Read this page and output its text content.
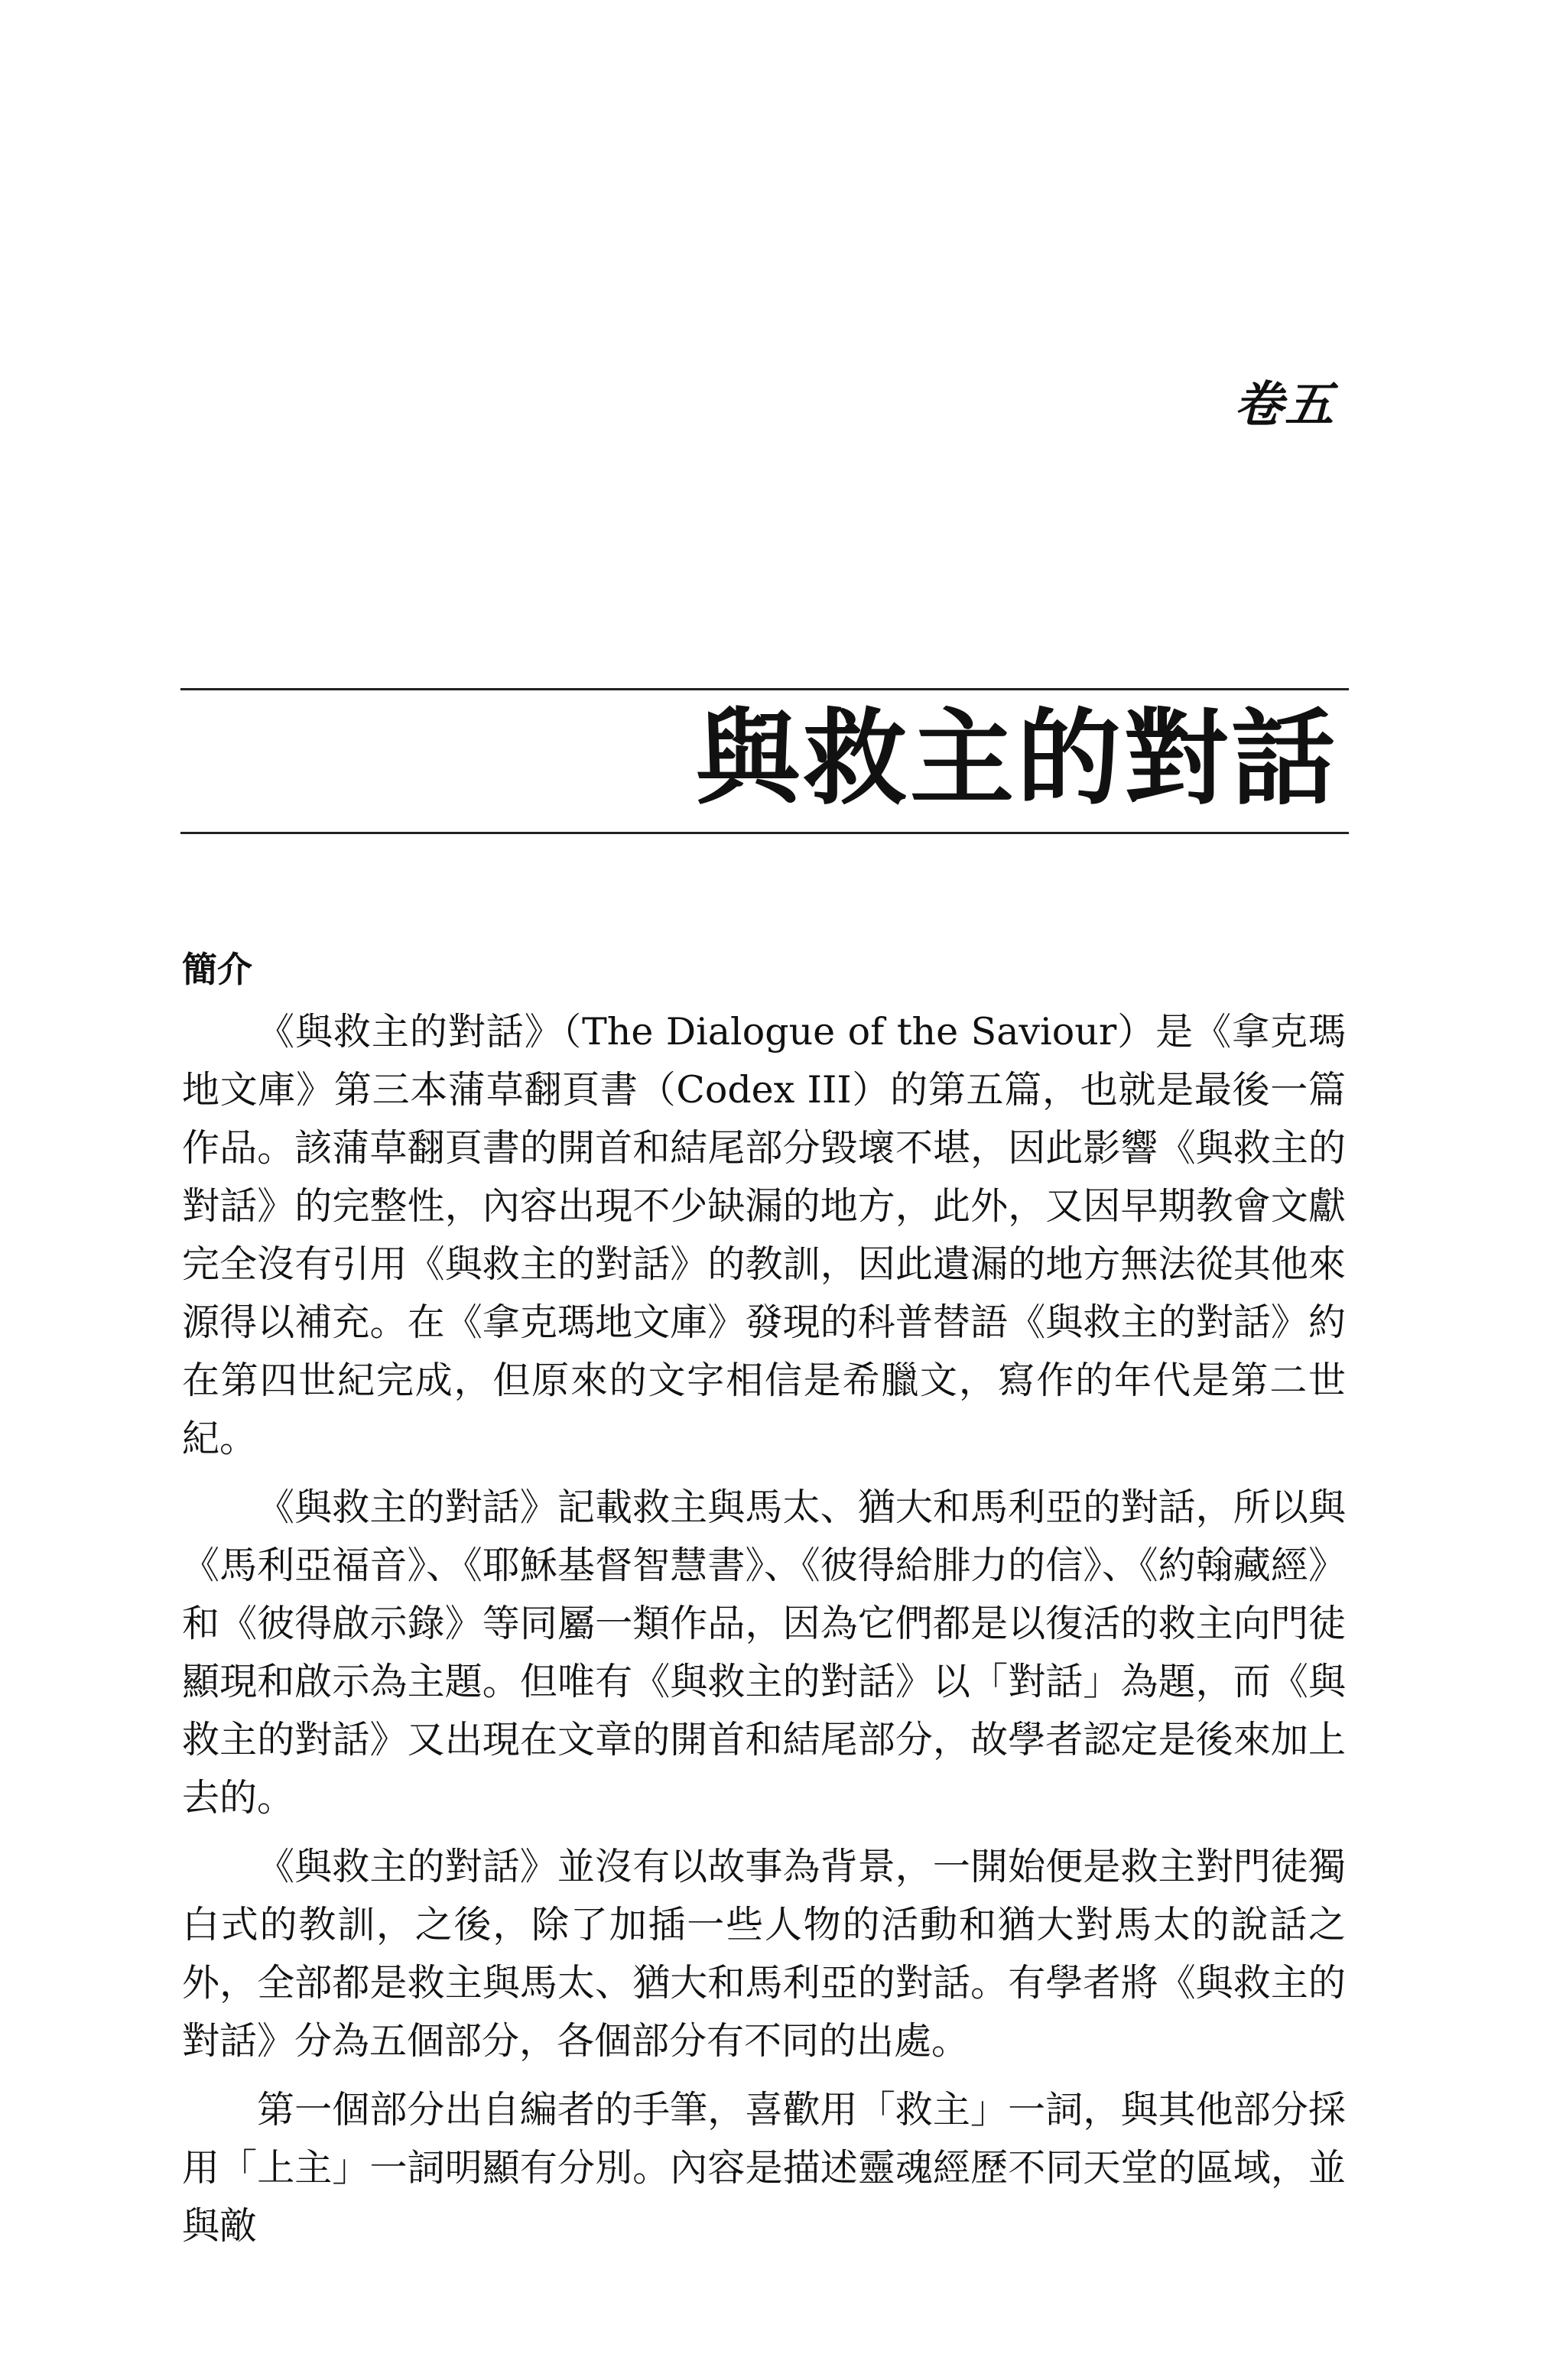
卷五
與救主的對話
簡介

《與救主的對話》（The Dialogue of the Saviour）是《拿克瑪地文庫》第三本蒲草翻頁書（Codex III）的第五篇，也就是最後一篇作品。該蒲草翻頁書的開首和結尾部分毀壞不堪，因此影響《與救主的對話》的完整性，內容出現不少缺漏的地方，此外，又因早期教會文獻完全沒有引用《與救主的對話》的教訓，因此遺漏的地方無法從其他來源得以補充。在《拿克瑪地文庫》發現的科普替語《與救主的對話》約在第四世紀完成，但原來的文字相信是希臘文，寫作的年代是第二世紀。

《與救主的對話》記載救主與馬太、猶大和馬利亞的對話，所以與《馬利亞福音》、《耶穌基督智慧書》、《彼得給腓力的信》、《約翰藏經》和《彼得啟示錄》等同屬一類作品，因為它們都是以復活的救主向門徒顯現和啟示為主題。但唯有《與救主的對話》以「對話」為題，而《與救主的對話》又出現在文章的開首和結尾部分，故學者認定是後來加上去的。

《與救主的對話》並沒有以故事為背景，一開始便是救主對門徒獨白式的教訓，之後，除了加插一些人物的活動和猶大對馬太的說話之外，全部都是救主與馬太、猶大和馬利亞的對話。有學者將《與救主的對話》分為五個部分，各個部分有不同的出處。

第一個部分出自編者的手筆，喜歡用「救主」一詞，與其他部分採用「上主」一詞明顯有分別。內容是描述靈魂經歷不同天堂的區域，並與敵
